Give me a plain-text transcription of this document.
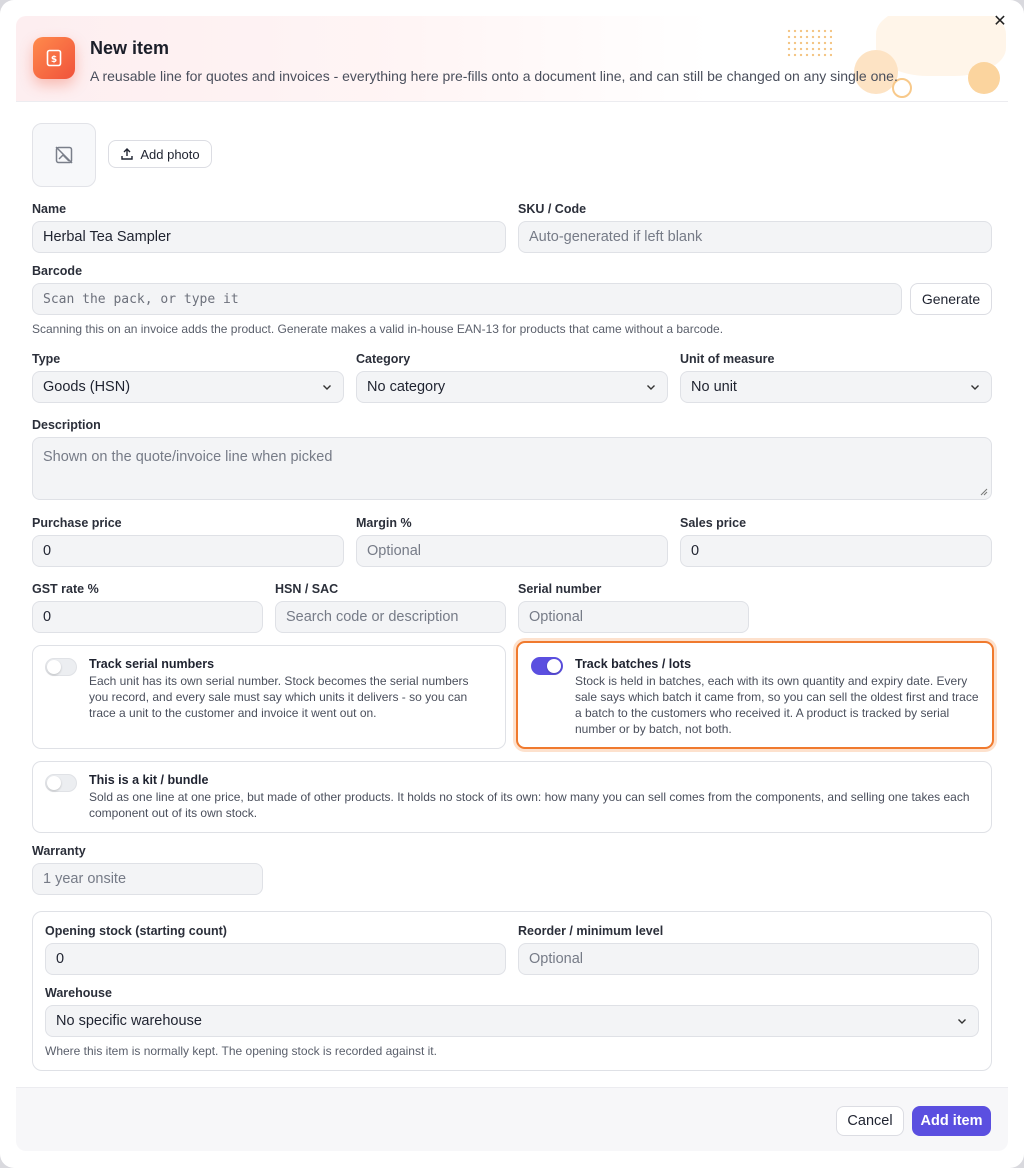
✕
$
New item
A reusable line for quotes and invoices - everything here pre-fills onto a document line, and can still be changed on any single one.
Add photo
Name
Herbal Tea Sampler
SKU / Code
Auto-generated if left blank
Barcode
Scan the pack, or type it	Generate
Scanning this on an invoice adds the product. Generate makes a valid in-house EAN-13 for products that came without a barcode.
Type
Goods (HSN)
Category
No category
Unit of measure
No unit
Description
Shown on the quote/invoice line when picked
Purchase price
0
Margin %
Optional
Sales price
0
GST rate %
0
HSN / SAC
Search code or description
Serial number
Optional
Track serial numbers
Each unit has its own serial number. Stock becomes the serial numbers you record, and every sale must say which units it delivers - so you can trace a unit to the customer and invoice it went out on.
Track batches / lots
Stock is held in batches, each with its own quantity and expiry date. Every sale says which batch it came from, so you can sell the oldest first and trace a batch to the customers who received it. A product is tracked by serial number or by batch, not both.
This is a kit / bundle
Sold as one line at one price, but made of other products. It holds no stock of its own: how many you can sell comes from the components, and selling one takes each component out of its own stock.
Warranty
1 year onsite
Opening stock (starting count)
0
Reorder / minimum level
Optional
Warehouse
No specific warehouse
Where this item is normally kept. The opening stock is recorded against it.
Cancel	Add item
